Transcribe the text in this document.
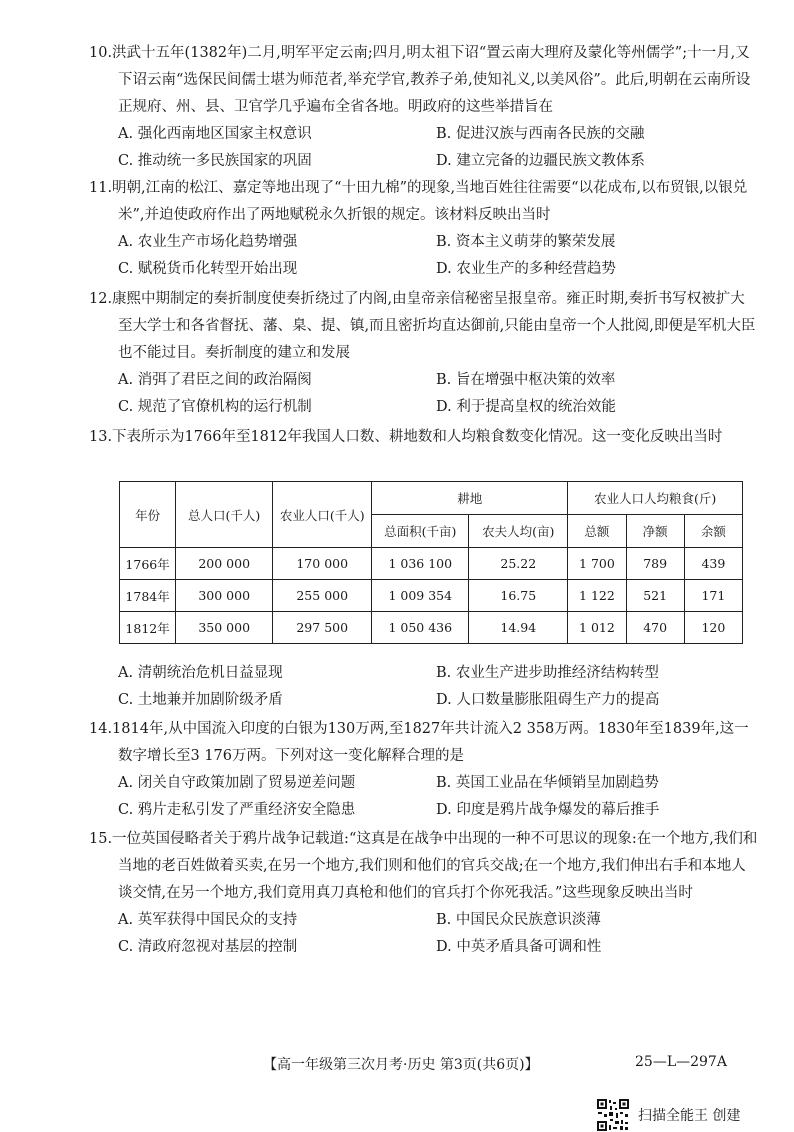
10.洪武十五年(1382年)二月,明军平定云南;四月,明太祖下诏“置云南大理府及蒙化等州儒学”;十一月,又下诏云南“选保民间儒士堪为师范者,举充学官,教养子弟,使知礼义,以美风俗”。此后,明朝在云南所设正规府、州、县、卫官学几乎遍布全省各地。明政府的这些举措旨在
A. 强化西南地区国家主权意识	B. 促进汉族与西南各民族的交融
C. 推动统一多民族国家的巩固	D. 建立完备的边疆民族文教体系
11.明朝,江南的松江、嘉定等地出现了“十田九棉”的现象,当地百姓往往需要“以花成布,以布贸银,以银兑米”,并迫使政府作出了两地赋税永久折银的规定。该材料反映出当时
A. 农业生产市场化趋势增强	B. 资本主义萌芽的繁荣发展
C. 赋税货币化转型开始出现	D. 农业生产的多种经营趋势
12.康熙中期制定的奏折制度使奏折绕过了内阁,由皇帝亲信秘密呈报皇帝。雍正时期,奏折书写权被扩大至大学士和各省督抚、藩、臬、提、镇,而且密折均直达御前,只能由皇帝一个人批阅,即便是军机大臣也不能过目。奏折制度的建立和发展
A. 消弭了君臣之间的政治隔阂	B. 旨在增强中枢决策的效率
C. 规范了官僚机构的运行机制	D. 利于提高皇权的统治效能
13.下表所示为1766年至1812年我国人口数、耕地数和人均粮食数变化情况。这一变化反映出当时
年份	总人口(千人)	农业人口(千人)	耕地		农业人口人均粮食(斤)		
			总面积(千亩)	农夫人均(亩)	总额	净额	余额
1766年	200 000	170 000	1 036 100	25.22	1 700	789	439
1784年	300 000	255 000	1 009 354	16.75	1 122	521	171
1812年	350 000	297 500	1 050 436	14.94	1 012	470	120
A. 清朝统治危机日益显现	B. 农业生产进步助推经济结构转型
C. 土地兼并加剧阶级矛盾	D. 人口数量膨胀阻碍生产力的提高
14.1814年,从中国流入印度的白银为130万两,至1827年共计流入2 358万两。1830年至1839年,这一数字增长至3 176万两。下列对这一变化解释合理的是
A. 闭关自守政策加剧了贸易逆差问题	B. 英国工业品在华倾销呈加剧趋势
C. 鸦片走私引发了严重经济安全隐患	D. 印度是鸦片战争爆发的幕后推手
15.一位英国侵略者关于鸦片战争记载道:“这真是在战争中出现的一种不可思议的现象:在一个地方,我们和当地的老百姓做着买卖,在另一个地方,我们则和他们的官兵交战;在一个地方,我们伸出右手和本地人谈交情,在另一个地方,我们竟用真刀真枪和他们的官兵打个你死我活。”这些现象反映出当时
A. 英军获得中国民众的支持	B. 中国民众民族意识淡薄
C. 清政府忽视对基层的控制	D. 中英矛盾具备可调和性
【高一年级第三次月考·历史 第3页(共6页)】	25—L—297A
扫描全能王 创建
